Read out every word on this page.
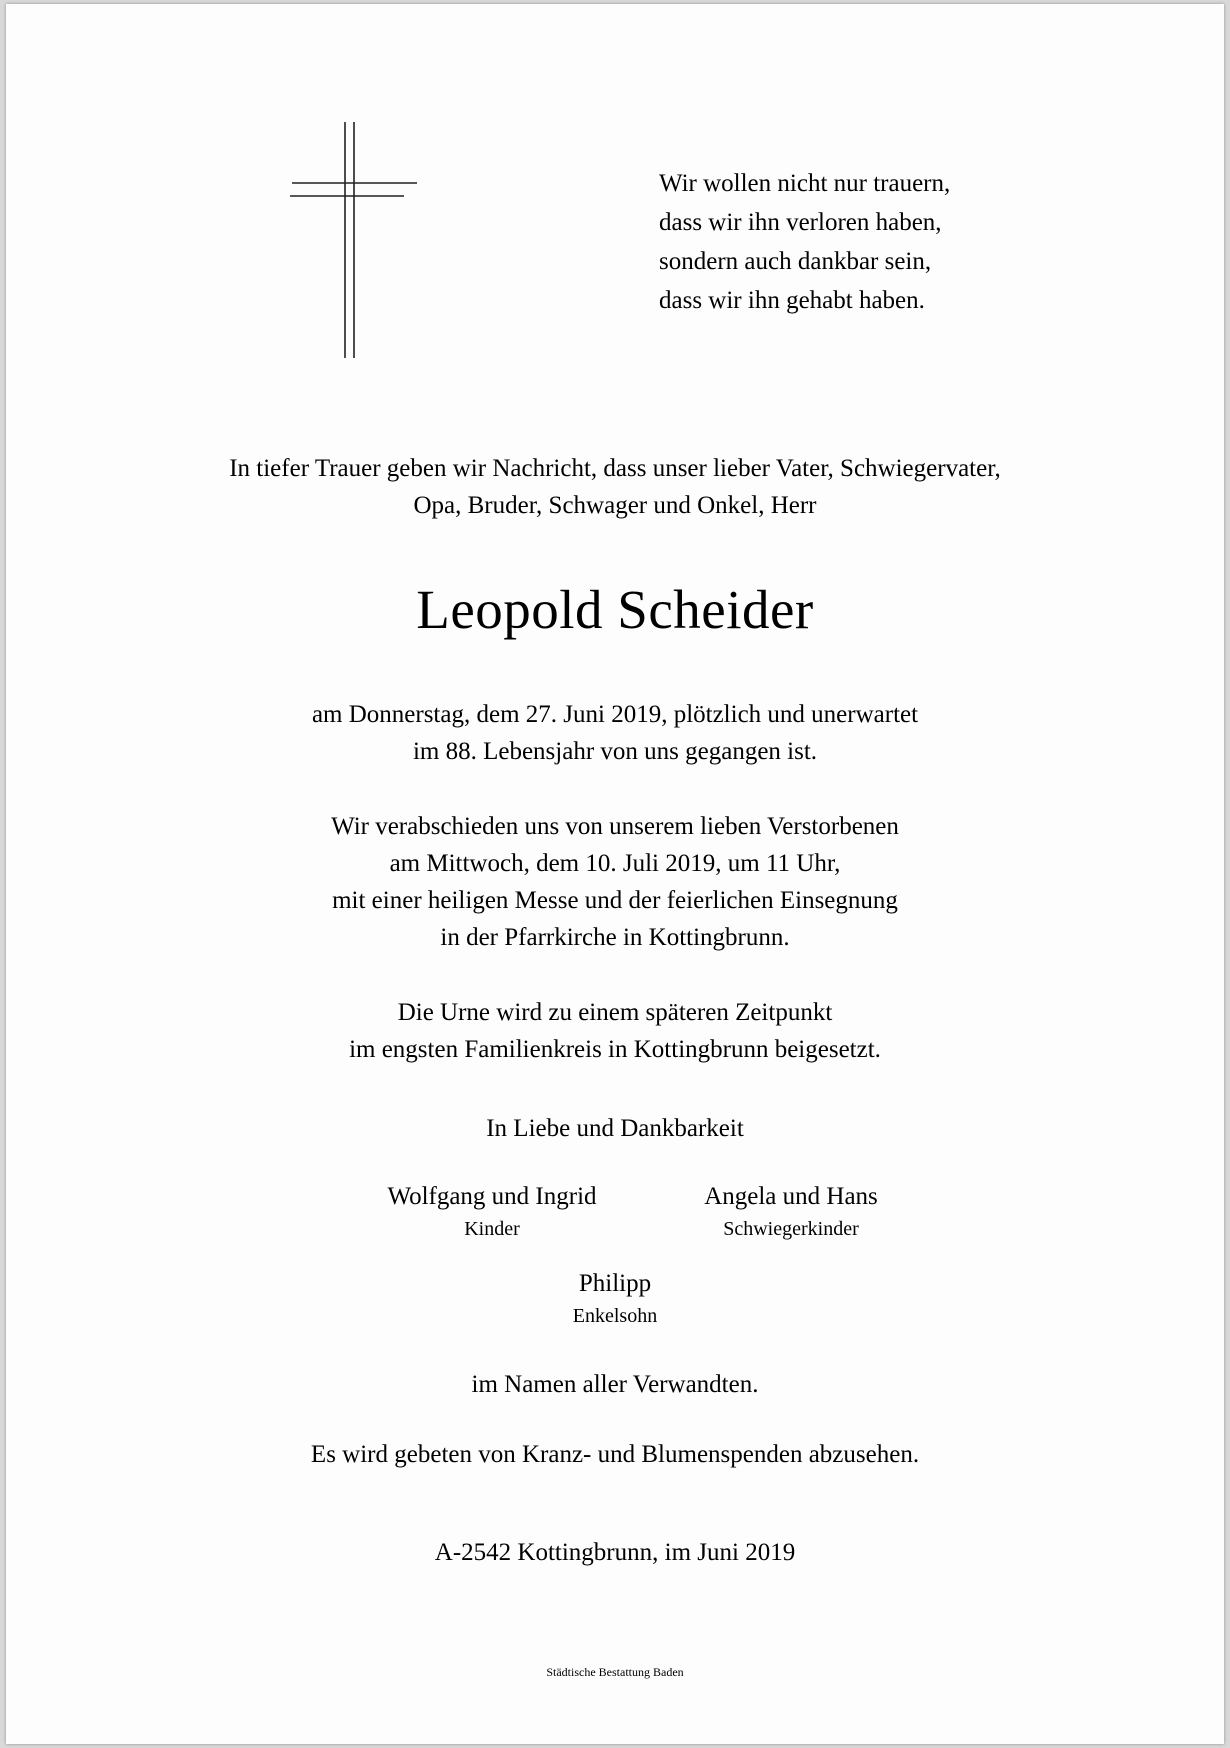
Wir wollen nicht nur trauern,
dass wir ihn verloren haben,
sondern auch dankbar sein,
dass wir ihn gehabt haben.
In tiefer Trauer geben wir Nachricht, dass unser lieber Vater, Schwiegervater,
Opa, Bruder, Schwager und Onkel, Herr
Leopold Scheider
am Donnerstag, dem 27. Juni 2019, plötzlich und unerwartet
im 88. Lebensjahr von uns gegangen ist.
Wir verabschieden uns von unserem lieben Verstorbenen
am Mittwoch, dem 10. Juli 2019, um 11 Uhr,
mit einer heiligen Messe und der feierlichen Einsegnung
in der Pfarrkirche in Kottingbrunn.
Die Urne wird zu einem späteren Zeitpunkt
im engsten Familienkreis in Kottingbrunn beigesetzt.
In Liebe und Dankbarkeit
Wolfgang und Ingrid
Kinder
Angela und Hans
Schwiegerkinder
Philipp
Enkelsohn
im Namen aller Verwandten.
Es wird gebeten von Kranz- und Blumenspenden abzusehen.
A-2542 Kottingbrunn, im Juni 2019
Städtische Bestattung Baden
